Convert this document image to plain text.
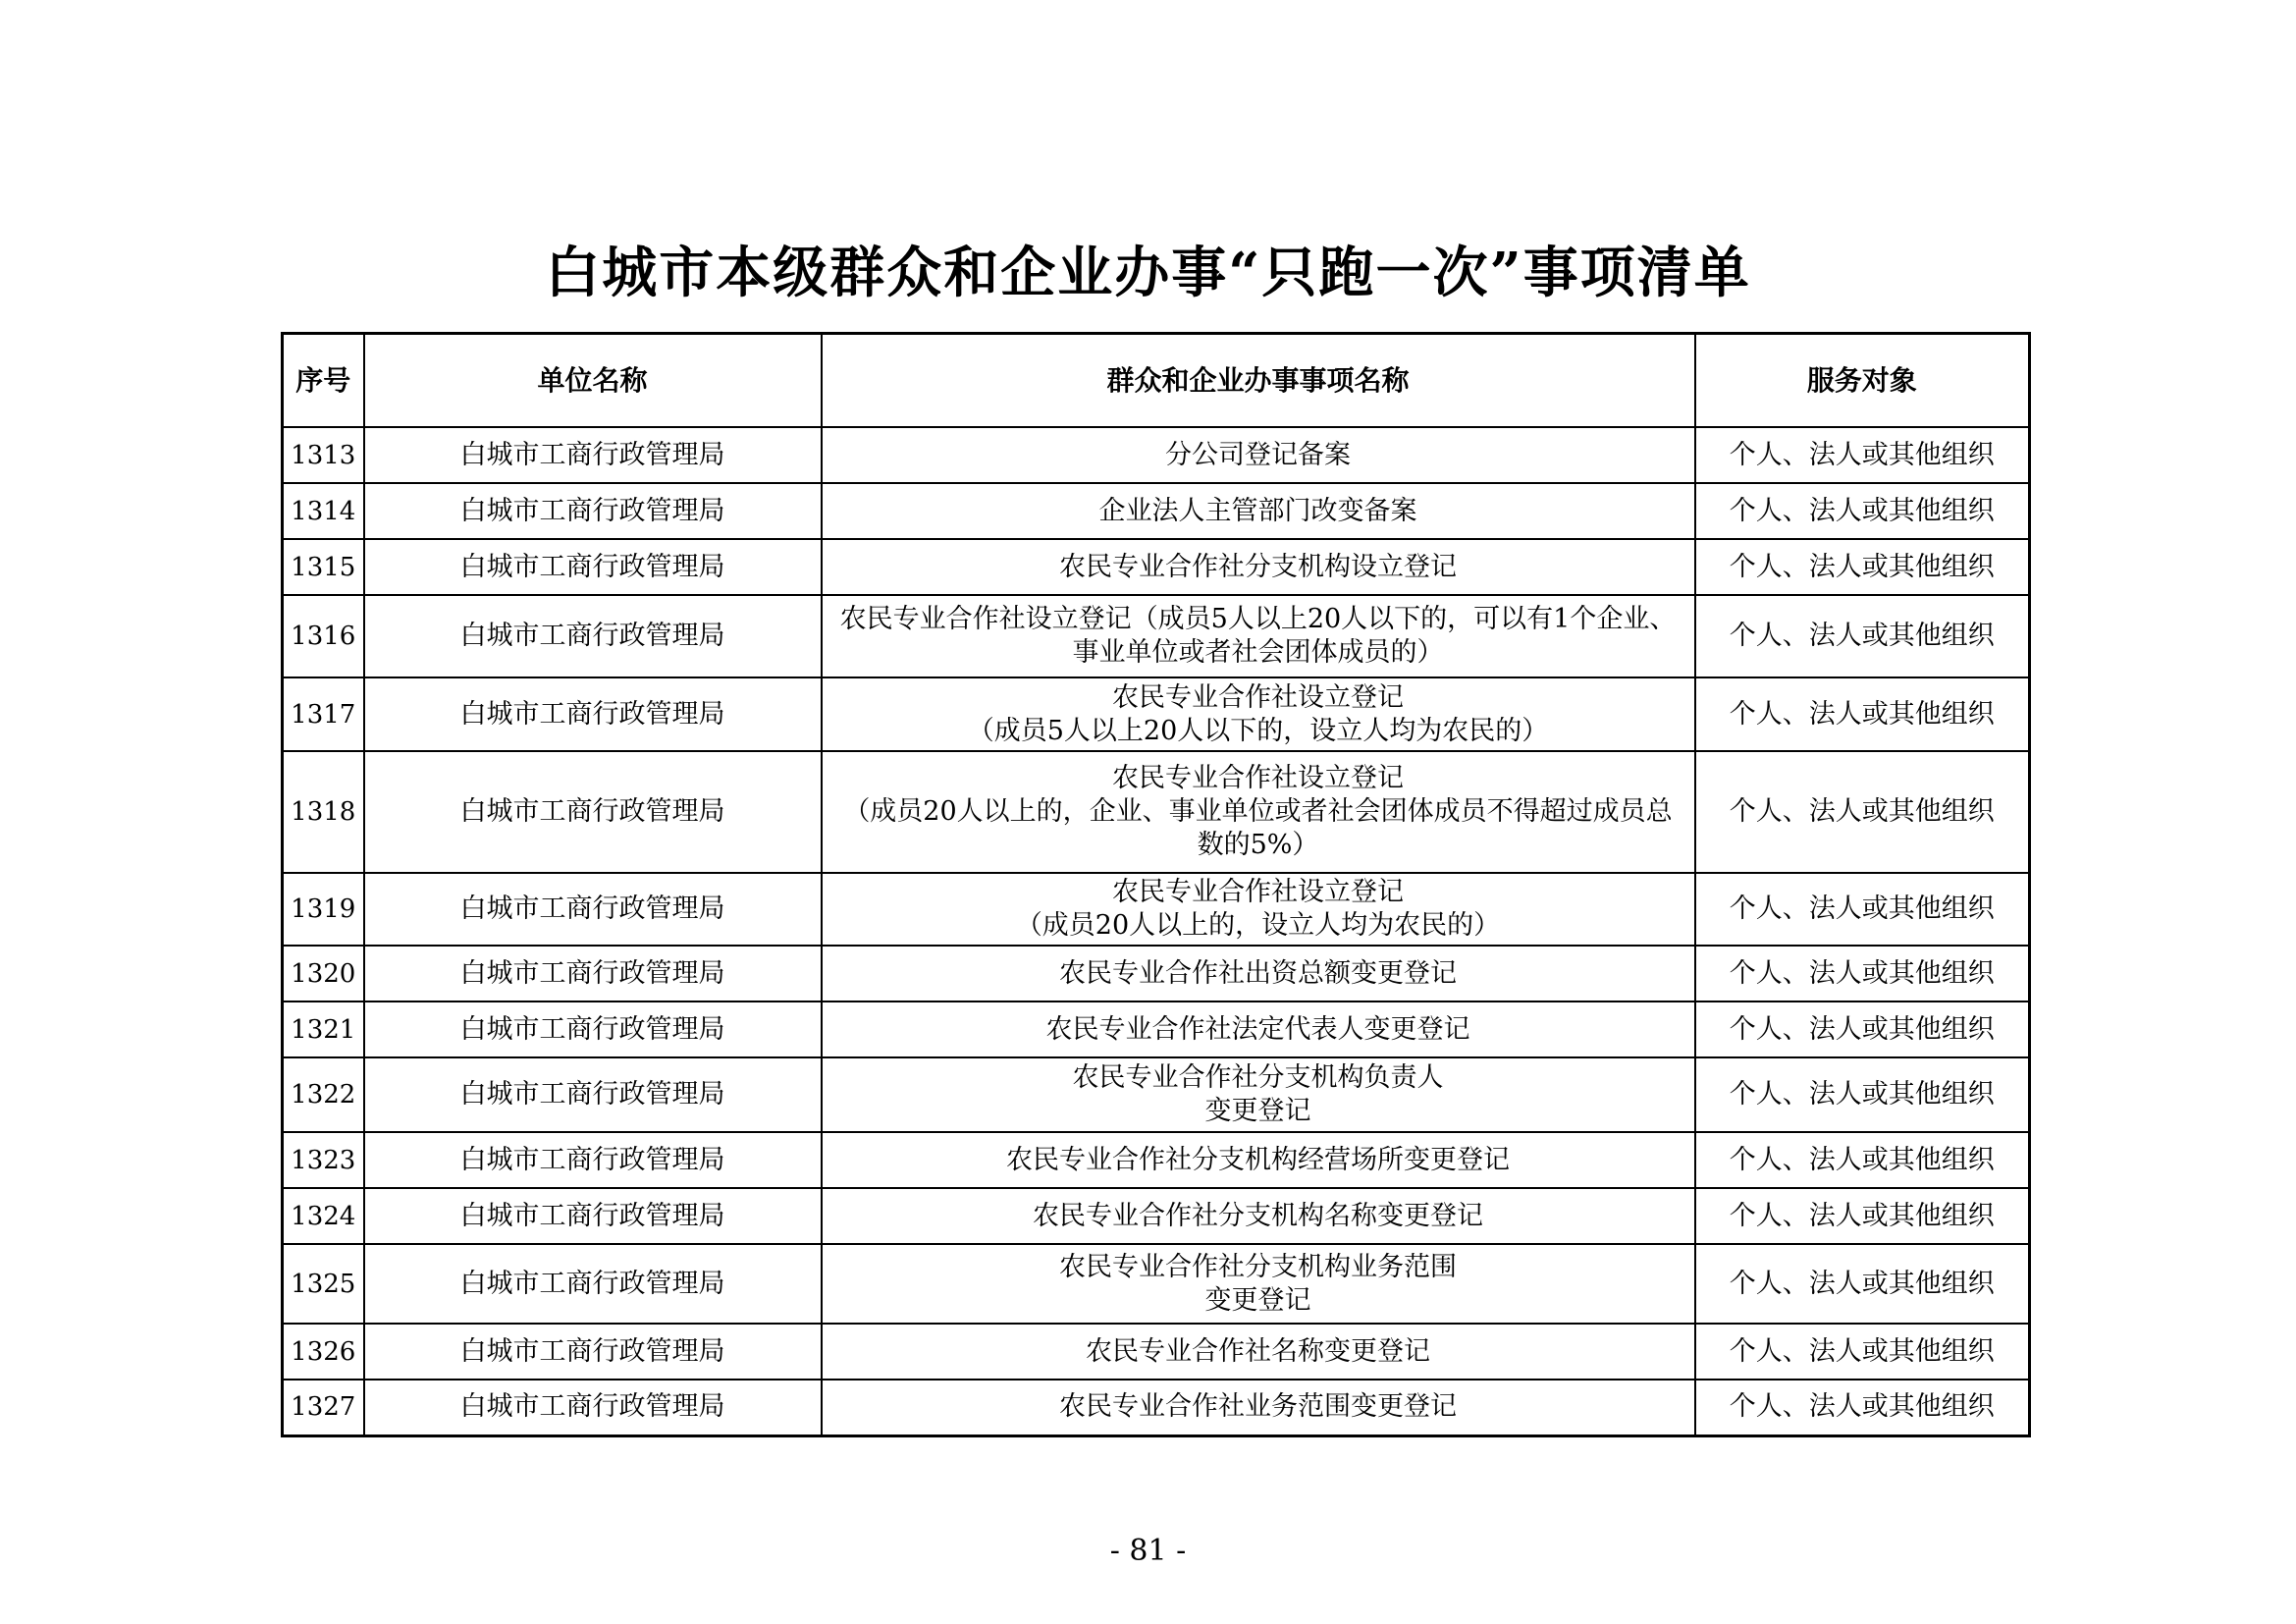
白城市本级群众和企业办事“只跑一次”事项清单
序号	单位名称	群众和企业办事事项名称	服务对象
1313	白城市工商行政管理局	分公司登记备案	个人、法人或其他组织
1314	白城市工商行政管理局	企业法人主管部门改变备案	个人、法人或其他组织
1315	白城市工商行政管理局	农民专业合作社分支机构设立登记	个人、法人或其他组织
1316	白城市工商行政管理局	农民专业合作社设立登记（成员5人以上20人以下的，可以有1个企业、
事业单位或者社会团体成员的）	个人、法人或其他组织
1317	白城市工商行政管理局	农民专业合作社设立登记
（成员5人以上20人以下的，设立人均为农民的）	个人、法人或其他组织
1318	白城市工商行政管理局	农民专业合作社设立登记
（成员20人以上的，企业、事业单位或者社会团体成员不得超过成员总
数的5%）	个人、法人或其他组织
1319	白城市工商行政管理局	农民专业合作社设立登记
（成员20人以上的，设立人均为农民的）	个人、法人或其他组织
1320	白城市工商行政管理局	农民专业合作社出资总额变更登记	个人、法人或其他组织
1321	白城市工商行政管理局	农民专业合作社法定代表人变更登记	个人、法人或其他组织
1322	白城市工商行政管理局	农民专业合作社分支机构负责人
变更登记	个人、法人或其他组织
1323	白城市工商行政管理局	农民专业合作社分支机构经营场所变更登记	个人、法人或其他组织
1324	白城市工商行政管理局	农民专业合作社分支机构名称变更登记	个人、法人或其他组织
1325	白城市工商行政管理局	农民专业合作社分支机构业务范围
变更登记	个人、法人或其他组织
1326	白城市工商行政管理局	农民专业合作社名称变更登记	个人、法人或其他组织
1327	白城市工商行政管理局	农民专业合作社业务范围变更登记	个人、法人或其他组织
- 81 -
